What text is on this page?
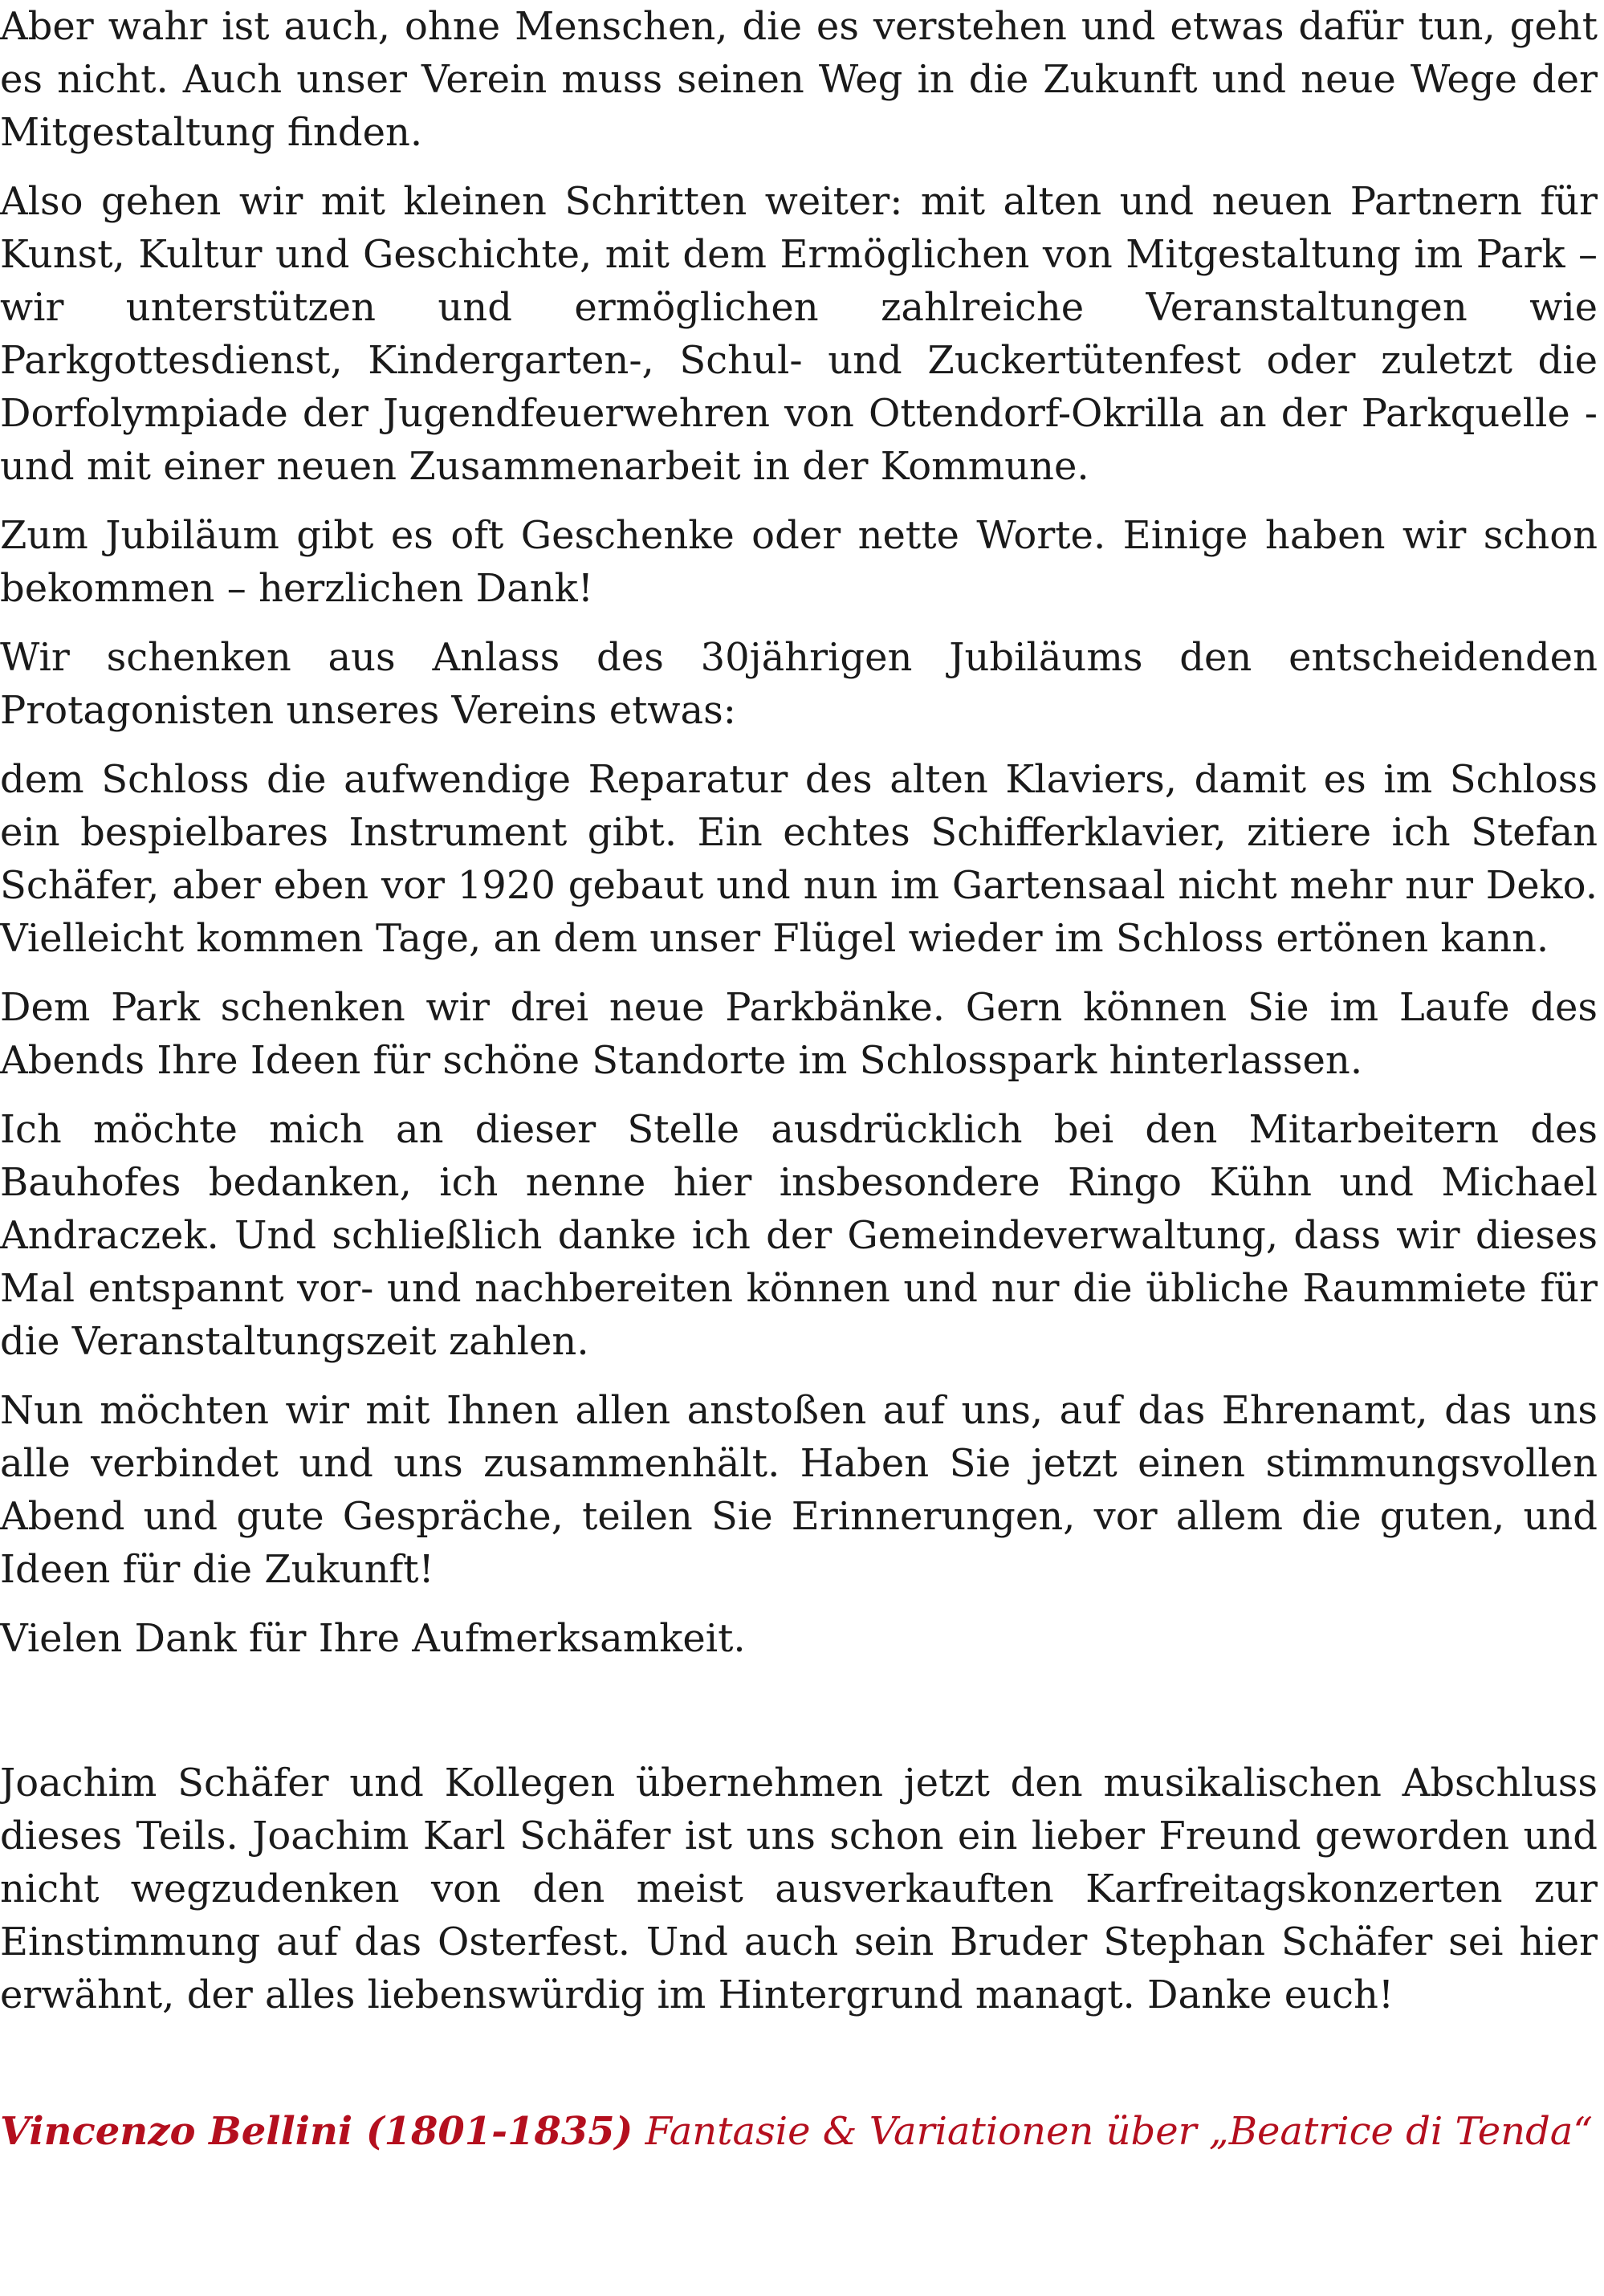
Aber wahr ist auch, ohne Menschen, die es verstehen und etwas dafür tun, geht es nicht. Auch unser Verein muss seinen Weg in die Zukunft und neue Wege der Mitgestaltung finden.

Also gehen wir mit kleinen Schritten weiter: mit alten und neuen Partnern für Kunst, Kultur und Geschichte, mit dem Ermöglichen von Mitgestaltung im Park – wir unterstützen und ermöglichen zahlreiche Veranstaltungen wie Parkgottesdienst, Kindergarten-, Schul- und Zuckertütenfest oder zuletzt die Dorfolympiade der Jugendfeuerwehren von Ottendorf-Okrilla an der Parkquelle - und mit einer neuen Zusammenarbeit in der Kommune.

Zum Jubiläum gibt es oft Geschenke oder nette Worte. Einige haben wir schon bekommen – herzlichen Dank!

Wir schenken aus Anlass des 30jährigen Jubiläums den entscheidenden Protagonisten unseres Vereins etwas:

dem Schloss die aufwendige Reparatur des alten Klaviers, damit es im Schloss ein bespielbares Instrument gibt. Ein echtes Schifferklavier, zitiere ich Stefan Schäfer, aber eben vor 1920 gebaut und nun im Gartensaal nicht mehr nur Deko. Vielleicht kommen Tage, an dem unser Flügel wieder im Schloss ertönen kann.

Dem Park schenken wir drei neue Parkbänke. Gern können Sie im Laufe des Abends Ihre Ideen für schöne Standorte im Schlosspark hinterlassen.

Ich möchte mich an dieser Stelle ausdrücklich bei den Mitarbeitern des Bauhofes bedanken, ich nenne hier insbesondere Ringo Kühn und Michael Andraczek. Und schließlich danke ich der Gemeindeverwaltung, dass wir dieses Mal entspannt vor- und nachbereiten können und nur die übliche Raummiete für die Veranstaltungszeit zahlen.

Nun möchten wir mit Ihnen allen anstoßen auf uns, auf das Ehrenamt, das uns alle verbindet und uns zusammenhält. Haben Sie jetzt einen stimmungsvollen Abend und gute Gespräche, teilen Sie Erinnerungen, vor allem die guten, und Ideen für die Zukunft!

Vielen Dank für Ihre Aufmerksamkeit.

Joachim Schäfer und Kollegen übernehmen jetzt den musikalischen Abschluss dieses Teils. Joachim Karl Schäfer ist uns schon ein lieber Freund geworden und nicht wegzudenken von den meist ausverkauften Karfreitagskonzerten zur Einstimmung auf das Osterfest. Und auch sein Bruder Stephan Schäfer sei hier erwähnt, der alles liebenswürdig im Hintergrund managt. Danke euch!

Vincenzo Bellini (1801-1835) Fantasie & Variationen über „Beatrice di Tenda“
